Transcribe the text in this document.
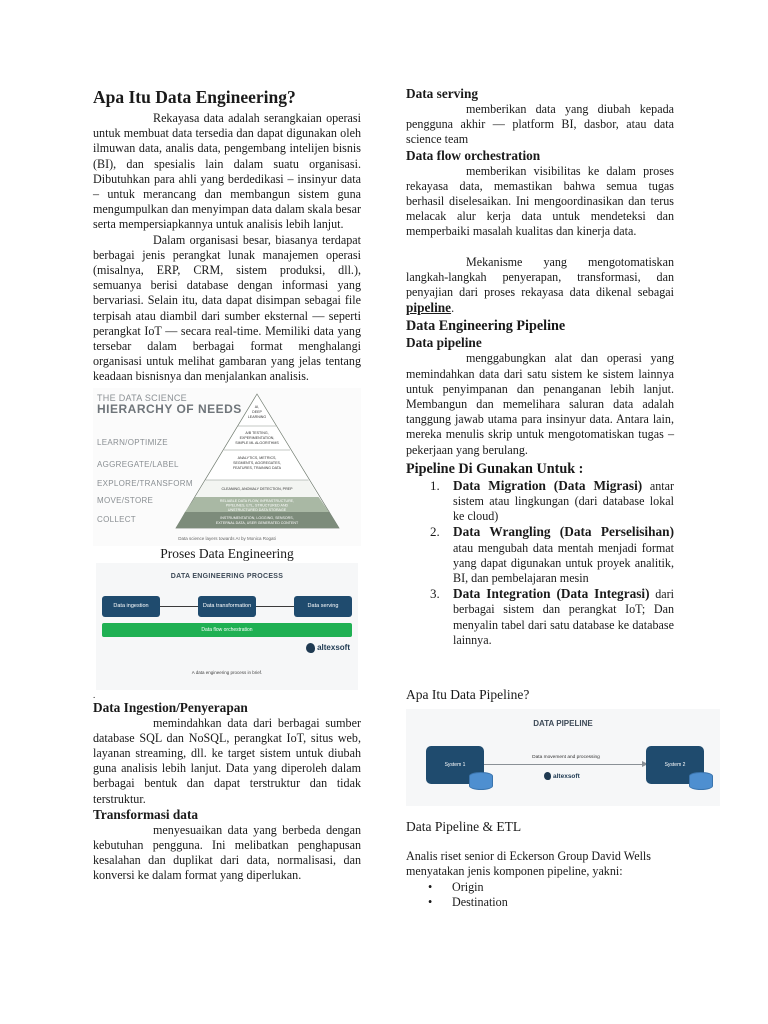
Apa Itu Data Engineering?

Rekayasa data adalah serangkaian operasi untuk membuat data tersedia dan dapat digunakan oleh ilmuwan data, analis data, pengembang intelijen bisnis (BI), dan spesialis lain dalam suatu organisasi. Dibutuhkan para ahli yang berdedikasi – insinyur data – untuk merancang dan membangun sistem guna mengumpulkan dan menyimpan data dalam skala besar serta mempersiapkannya untuk analisis lebih lanjut.

Dalam organisasi besar, biasanya terdapat berbagai jenis perangkat lunak manajemen operasi (misalnya, ERP, CRM, sistem produksi, dll.), semuanya berisi database dengan informasi yang bervariasi. Selain itu, data dapat disimpan sebagai file terpisah atau diambil dari sumber eksternal — seperti perangkat IoT — secara real-time. Memiliki data yang tersebar dalam berbagai format menghalangi organisasi untuk melihat gambaran yang jelas tentang keadaan bisnisnya dan menjalankan analisis.

AI,
DEEP
LEARNING
A/B TESTING,
EXPERIMENTATION,
SIMPLE ML ALGORITHMS
ANALYTICS, METRICS,
SEGMENTS, AGGREGATES,
FEATURES, TRAINING DATA
CLEANING, ANOMALY DETECTION, PREP
RELIABLE DATA FLOW, INFRASTRUCTURE,
PIPELINES, ETL, STRUCTURED AND
UNSTRUCTURED DATA STORAGE
INSTRUMENTATION, LOGGING, SENSORS,
EXTERNAL DATA, USER GENERATED CONTENT
THE DATA SCIENCE
HIERARCHY OF NEEDS
LEARN/OPTIMIZE
AGGREGATE/LABEL
EXPLORE/TRANSFORM
MOVE/STORE
COLLECT
Data science layers towards AI by Monica Rogati
Proses Data Engineering
DATA ENGINEERING PROCESS
Data ingestion	Data transformation	Data serving
Data flow orchestration
altexsoft
A data engineering process in brief.
.
Data Ingestion/Penyerapan

memindahkan data dari berbagai sumber database SQL dan NoSQL, perangkat IoT, situs web, layanan streaming, dll. ke target sistem untuk diubah guna analisis lebih lanjut. Data yang diperoleh dalam berbagai bentuk dan dapat terstruktur dan tidak terstruktur.

Transformasi data

menyesuaikan data yang berbeda dengan kebutuhan pengguna. Ini melibatkan penghapusan kesalahan dan duplikat dari data, normalisasi, dan konversi ke dalam format yang diperlukan.

Data serving

memberikan data yang diubah kepada pengguna akhir — platform BI, dasbor, atau data science team

Data flow orchestration

memberikan visibilitas ke dalam proses rekayasa data, memastikan bahwa semua tugas berhasil diselesaikan. Ini mengoordinasikan dan terus melacak alur kerja data untuk mendeteksi dan memperbaiki masalah kualitas dan kinerja data.

Mekanisme yang mengotomatiskan langkah-langkah penyerapan, transformasi, dan penyajian dari proses rekayasa data dikenal sebagai pipeline.

Data Engineering Pipeline
Data pipeline

menggabungkan alat dan operasi yang memindahkan data dari satu sistem ke sistem lainnya untuk penyimpanan dan penanganan lebih lanjut. Membangun dan memelihara saluran data adalah tanggung jawab utama para insinyur data. Antara lain, mereka menulis skrip untuk mengotomatiskan tugas – pekerjaan yang berulang.

Pipeline Di Gunakan Untuk :
1. Data Migration (Data Migrasi) antar sistem atau lingkungan (dari database lokal ke cloud)
2. Data Wrangling (Data Perselisihan) atau mengubah data mentah menjadi format yang dapat digunakan untuk proyek analitik, BI, dan pembelajaran mesin
3. Data Integration (Data Integrasi) dari berbagai sistem dan perangkat IoT; Dan menyalin tabel dari satu database ke database lainnya.
Apa Itu Data Pipeline?
DATA PIPELINE
Data movement and processing
System 1	System 2
altexsoft
Data Pipeline & ETL

Analis riset senior di Eckerson Group David Wells menyatakan jenis komponen pipeline, yakni:

• Origin
• Destination
